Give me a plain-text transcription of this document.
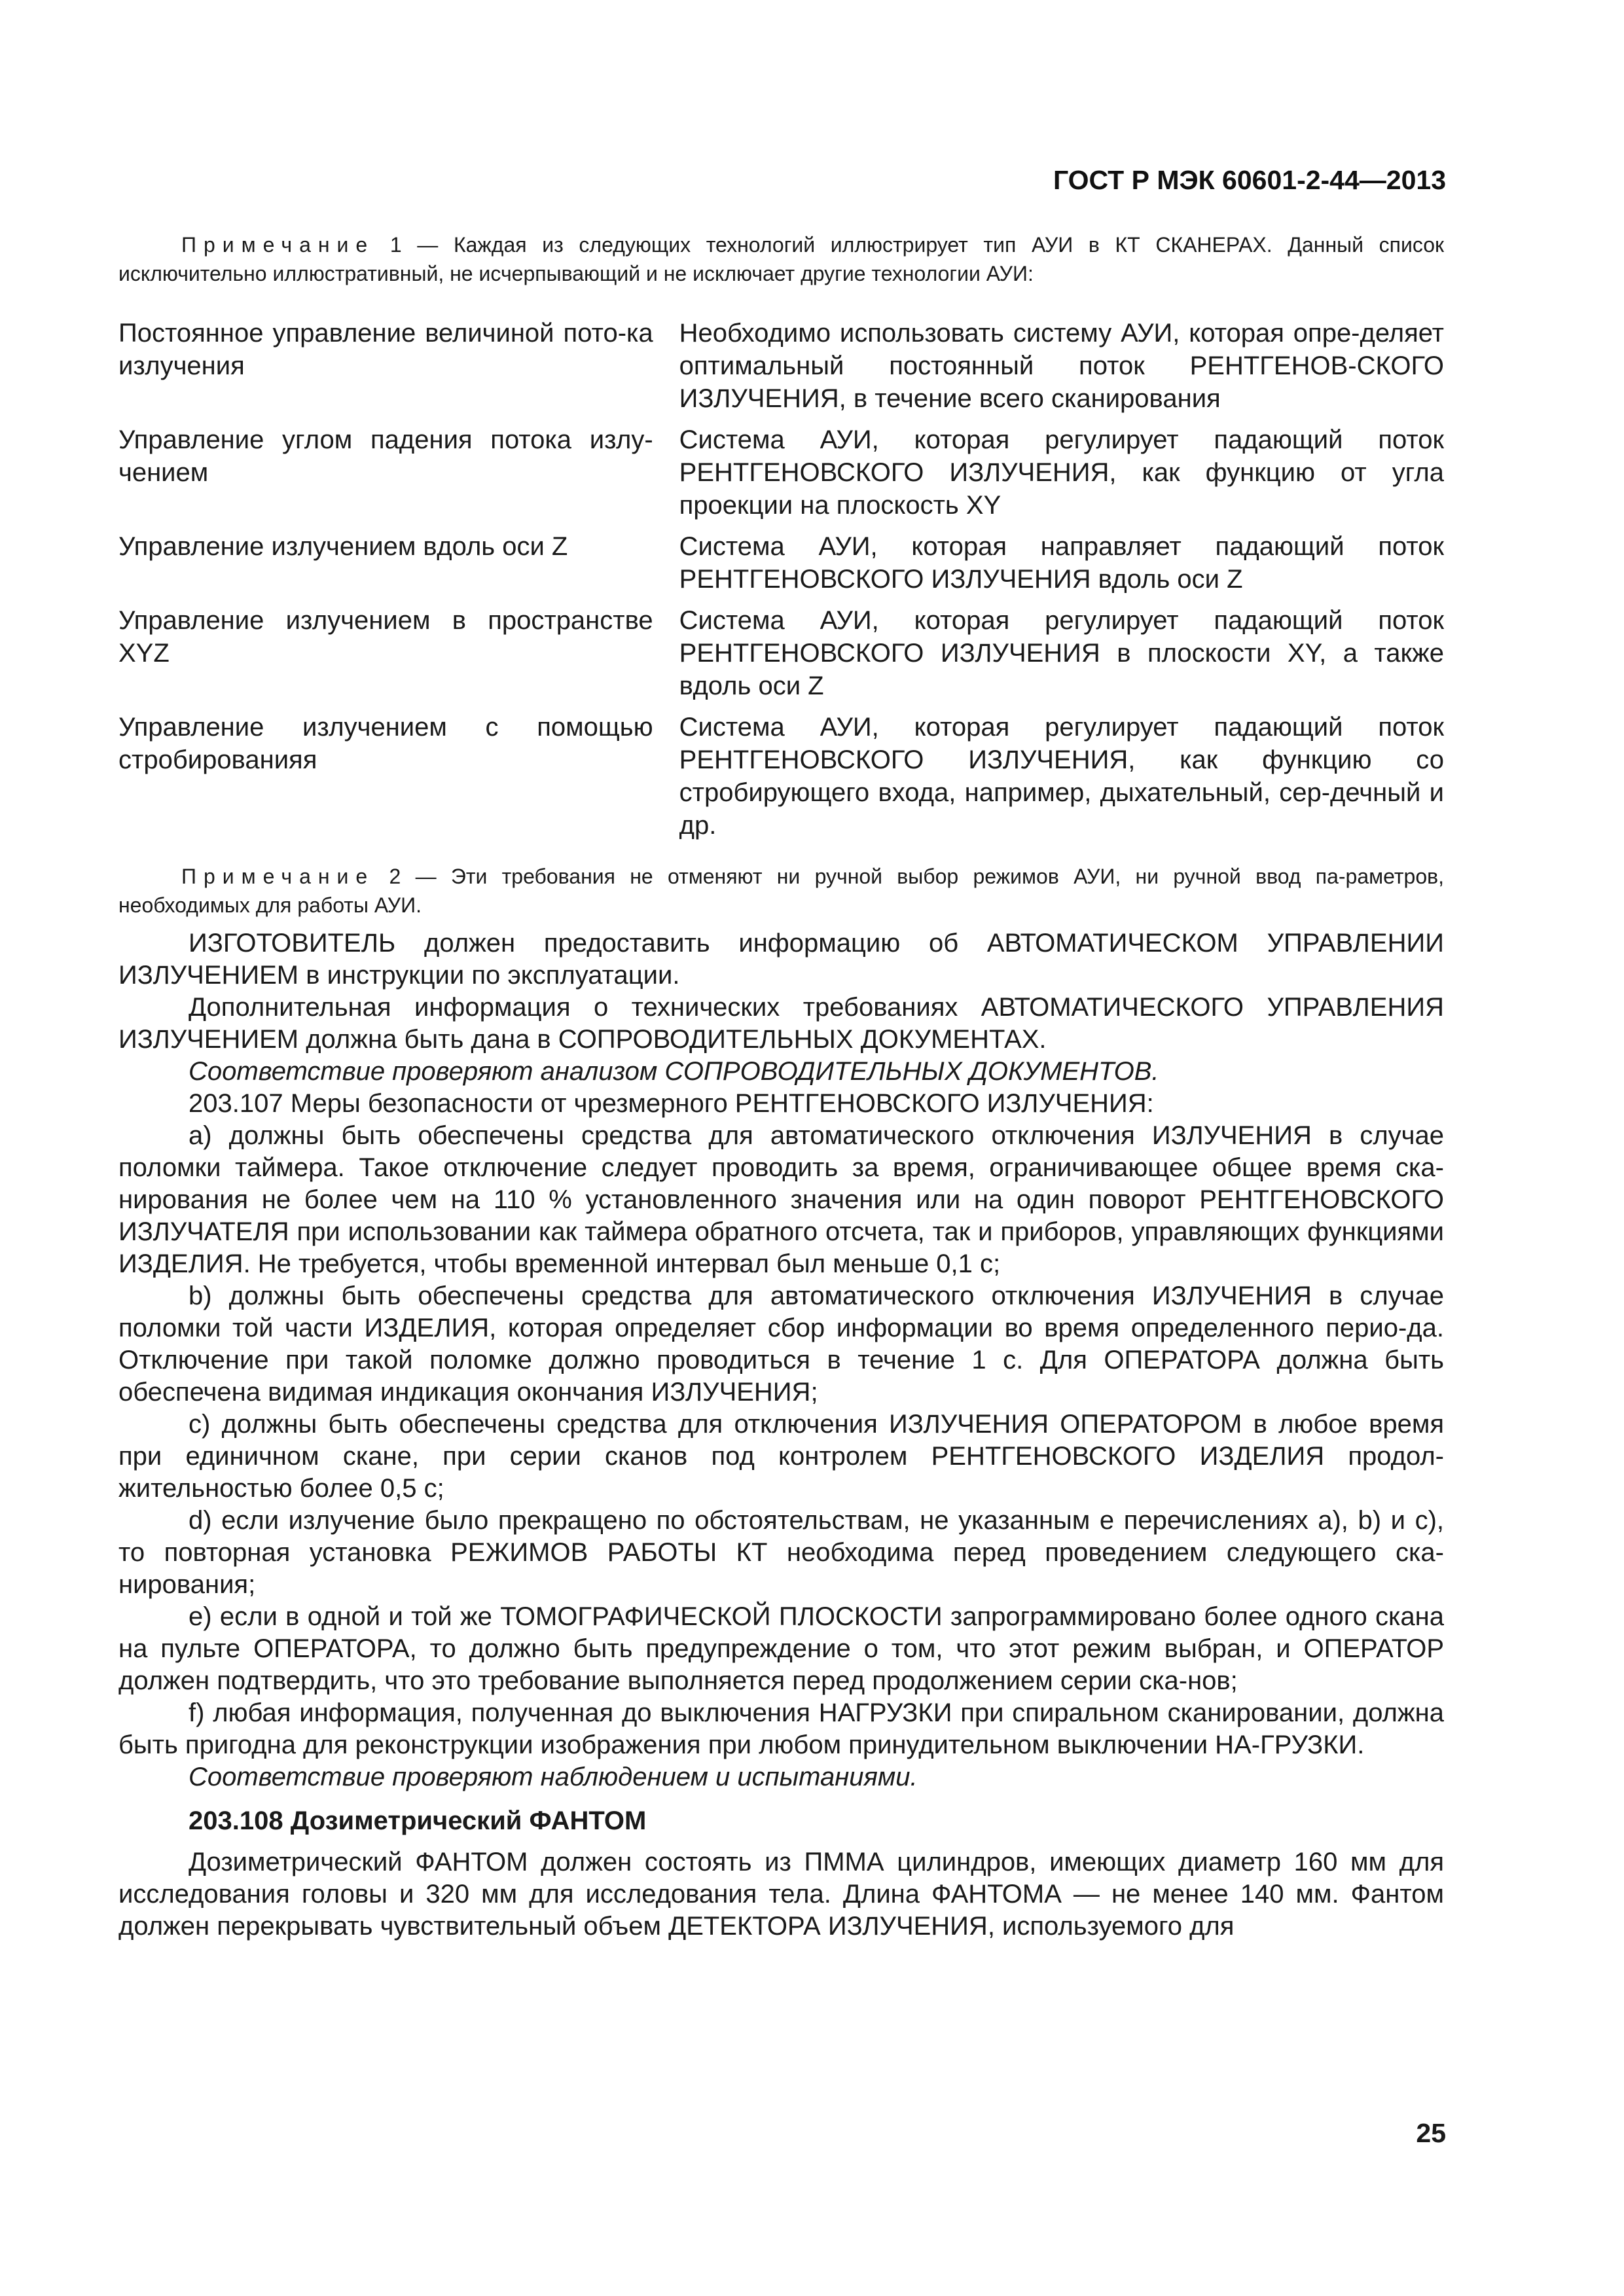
ГОСТ Р МЭК 60601-2-44—2013

Примечание 1 — Каждая из следующих технологий иллюстрирует тип АУИ в КТ СКАНЕРАХ. Данный список исключительно иллюстративный, не исчерпывающий и не исключает другие технологии АУИ:

Постоянное управление величиной пото-ка излучения	Необходимо использовать систему АУИ, которая опре-деляет оптимальный постоянный поток РЕНТГЕНОВ-СКОГО ИЗЛУЧЕНИЯ, в течение всего сканирования
Управление углом падения потока излу-чением	Система АУИ, которая регулирует падающий поток РЕНТГЕНОВСКОГО ИЗЛУЧЕНИЯ, как функцию от угла проекции на плоскость XY
Управление излучением вдоль оси Z	Система АУИ, которая направляет падающий поток РЕНТГЕНОВСКОГО ИЗЛУЧЕНИЯ вдоль оси Z
Управление излучением в пространстве XYZ	Система АУИ, которая регулирует падающий поток РЕНТГЕНОВСКОГО ИЗЛУЧЕНИЯ в плоскости XY, а также вдоль оси Z
Управление излучением с помощью стробированияя	Система АУИ, которая регулирует падающий поток РЕНТГЕНОВСКОГО ИЗЛУЧЕНИЯ, как функцию со стробирующего входа, например, дыхательный, сер-дечный и др.

Примечание 2 — Эти требования не отменяют ни ручной выбор режимов АУИ, ни ручной ввод па-раметров, необходимых для работы АУИ.

ИЗГОТОВИТЕЛЬ должен предоставить информацию об АВТОМАТИЧЕСКОМ УПРАВЛЕНИИ ИЗЛУЧЕНИЕМ в инструкции по эксплуатации.

Дополнительная информация о технических требованиях АВТОМАТИЧЕСКОГО УПРАВЛЕНИЯ ИЗЛУЧЕНИЕМ должна быть дана в СОПРОВОДИТЕЛЬНЫХ ДОКУМЕНТАХ.

Соответствие проверяют анализом СОПРОВОДИТЕЛЬНЫХ ДОКУМЕНТОВ.

203.107 Меры безопасности от чрезмерного РЕНТГЕНОВСКОГО ИЗЛУЧЕНИЯ:

a) должны быть обеспечены средства для автоматического отключения ИЗЛУЧЕНИЯ в случае поломки таймера. Такое отключение следует проводить за время, ограничивающее общее время ска-нирования не более чем на 110 % установленного значения или на один поворот РЕНТГЕНОВСКОГО ИЗЛУЧАТЕЛЯ при использовании как таймера обратного отсчета, так и приборов, управляющих функциями ИЗДЕЛИЯ. Не требуется, чтобы временной интервал был меньше 0,1 с;

b) должны быть обеспечены средства для автоматического отключения ИЗЛУЧЕНИЯ в случае поломки той части ИЗДЕЛИЯ, которая определяет сбор информации во время определенного перио-да. Отключение при такой поломке должно проводиться в течение 1 с. Для ОПЕРАТОРА должна быть обеспечена видимая индикация окончания ИЗЛУЧЕНИЯ;

c) должны быть обеспечены средства для отключения ИЗЛУЧЕНИЯ ОПЕРАТОРОМ в любое время при единичном скане, при серии сканов под контролем РЕНТГЕНОВСКОГО ИЗДЕЛИЯ продол-жительностью более 0,5 с;

d) если излучение было прекращено по обстоятельствам, не указанным е перечислениях а), b) и с), то повторная установка РЕЖИМОВ РАБОТЫ КТ необходима перед проведением следующего ска-нирования;

e) если в одной и той же ТОМОГРАФИЧЕСКОЙ ПЛОСКОСТИ запрограммировано более одного скана на пульте ОПЕРАТОРА, то должно быть предупреждение о том, что этот режим выбран, и ОПЕРАТОР должен подтвердить, что это требование выполняется перед продолжением серии ска-нов;

f) любая информация, полученная до выключения НАГРУЗКИ при спиральном сканировании, должна быть пригодна для реконструкции изображения при любом принудительном выключении НА-ГРУЗКИ.

Соответствие проверяют наблюдением и испытаниями.

203.108 Дозиметрический ФАНТОМ

Дозиметрический ФАНТОМ должен состоять из ПММА цилиндров, имеющих диаметр 160 мм для исследования головы и 320 мм для исследования тела. Длина ФАНТОМА — не менее 140 мм. Фантом должен перекрывать чувствительный объем ДЕТЕКТОРА ИЗЛУЧЕНИЯ, используемого для

25
